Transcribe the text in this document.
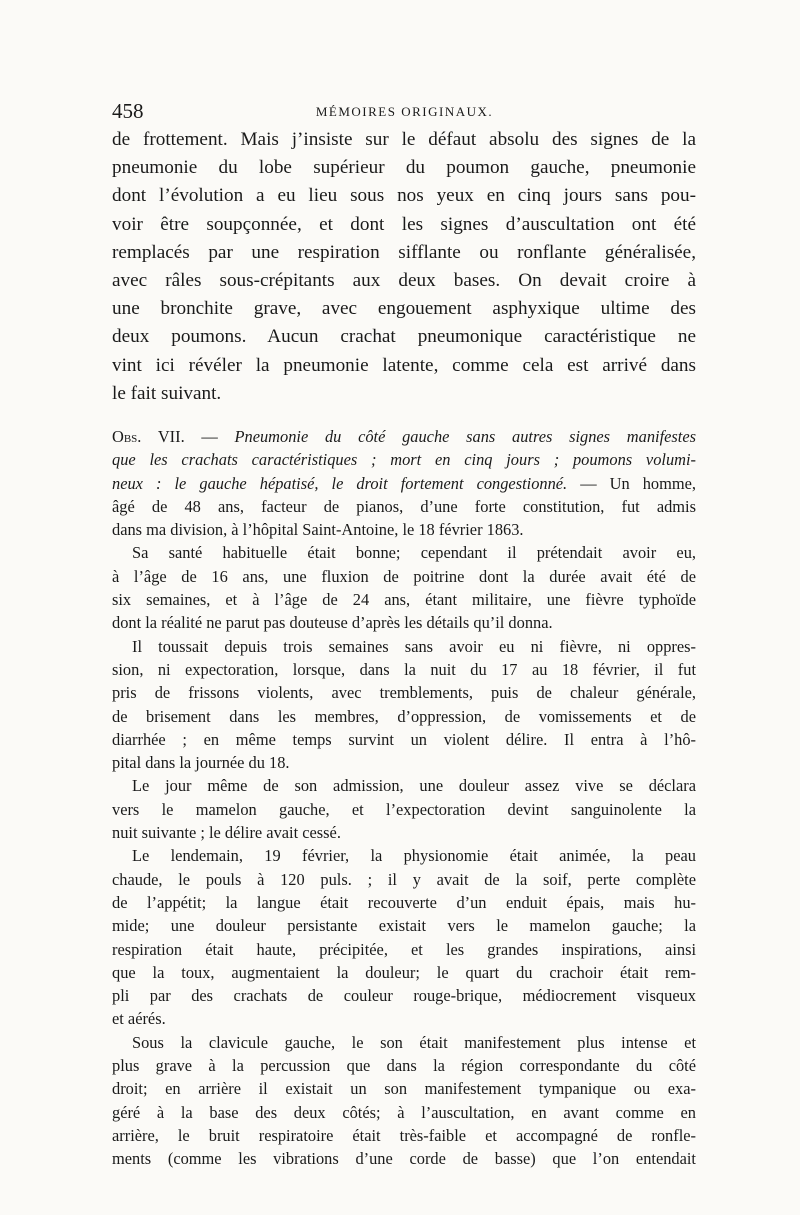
458	MÉMOIRES ORIGINAUX.
de frottement. Mais j’insiste sur le défaut absolu des signes de la
pneumonie du lobe supérieur du poumon gauche, pneumonie
dont l’évolution a eu lieu sous nos yeux en cinq jours sans pou-
voir être soupçonnée, et dont les signes d’auscultation ont été
remplacés par une respiration sifflante ou ronflante généralisée,
avec râles sous-crépitants aux deux bases. On devait croire à
une bronchite grave, avec engouement asphyxique ultime des
deux poumons. Aucun crachat pneumonique caractéristique ne
vint ici révéler la pneumonie latente, comme cela est arrivé dans
le fait suivant.
Obs. VII. — Pneumonie du côté gauche sans autres signes manifestes
que les crachats caractéristiques ; mort en cinq jours ; poumons volumi-
neux : le gauche hépatisé, le droit fortement congestionné. — Un homme,
âgé de 48 ans, facteur de pianos, d’une forte constitution, fut admis
dans ma division, à l’hôpital Saint-Antoine, le 18 février 1863.
Sa santé habituelle était bonne; cependant il prétendait avoir eu,
à l’âge de 16 ans, une fluxion de poitrine dont la durée avait été de
six semaines, et à l’âge de 24 ans, étant militaire, une fièvre typhoïde
dont la réalité ne parut pas douteuse d’après les détails qu’il donna.
Il toussait depuis trois semaines sans avoir eu ni fièvre, ni oppres-
sion, ni expectoration, lorsque, dans la nuit du 17 au 18 février, il fut
pris de frissons violents, avec tremblements, puis de chaleur générale,
de brisement dans les membres, d’oppression, de vomissements et de
diarrhée ; en même temps survint un violent délire. Il entra à l’hô-
pital dans la journée du 18.
Le jour même de son admission, une douleur assez vive se déclara
vers le mamelon gauche, et l’expectoration devint sanguinolente la
nuit suivante ; le délire avait cessé.
Le lendemain, 19 février, la physionomie était animée, la peau
chaude, le pouls à 120 puls. ; il y avait de la soif, perte complète
de l’appétit; la langue était recouverte d’un enduit épais, mais hu-
mide; une douleur persistante existait vers le mamelon gauche; la
respiration était haute, précipitée, et les grandes inspirations, ainsi
que la toux, augmentaient la douleur; le quart du crachoir était rem-
pli par des crachats de couleur rouge-brique, médiocrement visqueux
et aérés.
Sous la clavicule gauche, le son était manifestement plus intense et
plus grave à la percussion que dans la région correspondante du côté
droit; en arrière il existait un son manifestement tympanique ou exa-
géré à la base des deux côtés; à l’auscultation, en avant comme en
arrière, le bruit respiratoire était très-faible et accompagné de ronfle-
ments (comme les vibrations d’une corde de basse) que l’on entendait
